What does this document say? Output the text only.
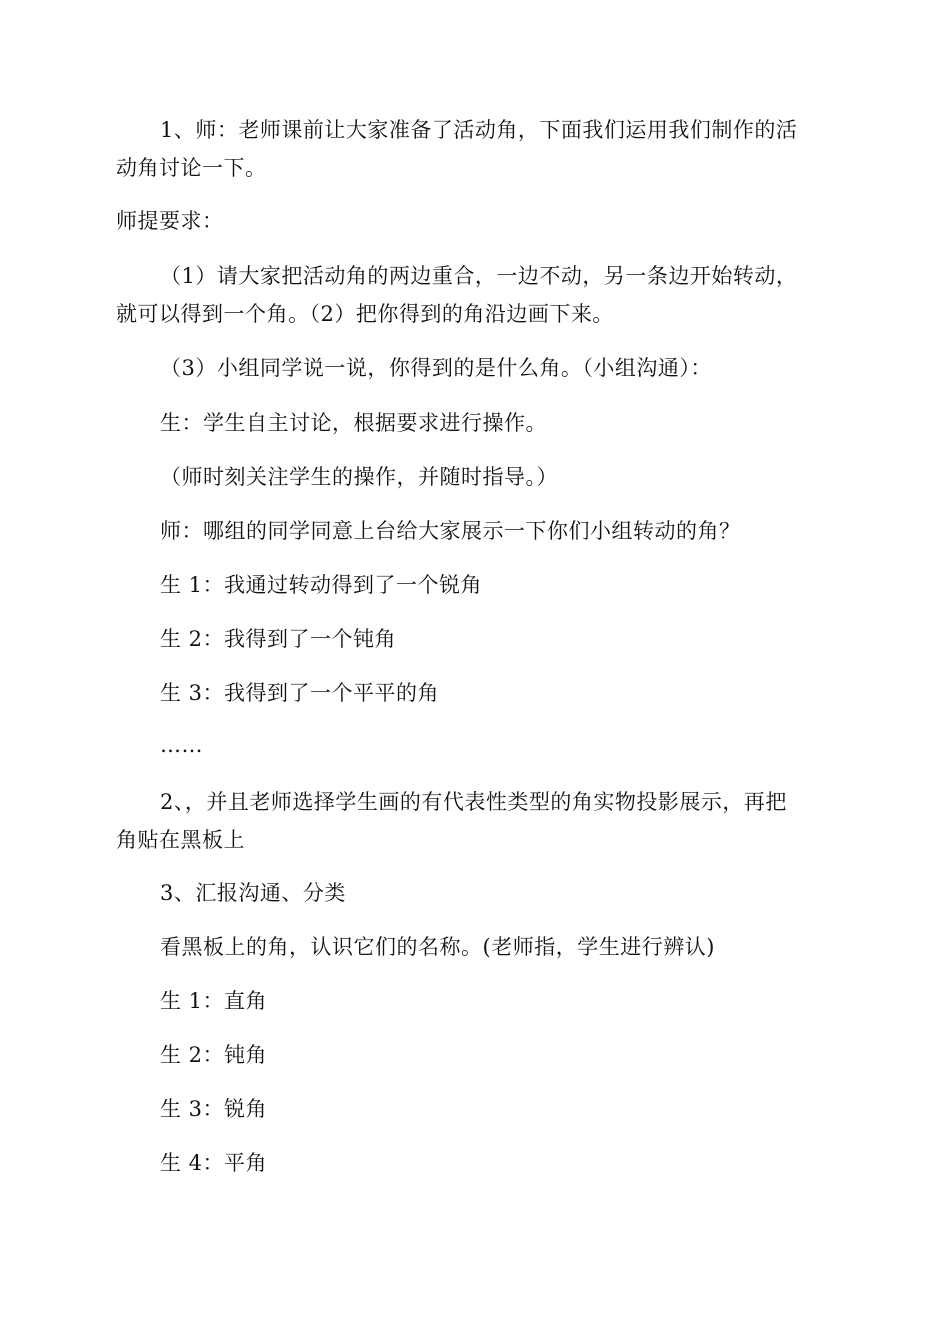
1、师：老师课前让大家准备了活动角，下面我们运用我们制作的活
动角讨论一下。
师提要求：
（1）请大家把活动角的两边重合，一边不动，另一条边开始转动，
就可以得到一个角。（2）把你得到的角沿边画下来。
（3）小组同学说一说，你得到的是什么角。（小组沟通）：
生：学生自主讨论，根据要求进行操作。
（师时刻关注学生的操作，并随时指导。）
师：哪组的同学同意上台给大家展示一下你们小组转动的角？
生 1：我通过转动得到了一个锐角
生 2：我得到了一个钝角
生 3：我得到了一个平平的角
……
2、，并且老师选择学生画的有代表性类型的角实物投影展示，再把
角贴在黑板上
3、汇报沟通、分类
看黑板上的角，认识它们的名称。(老师指，学生进行辨认)
生 1：直角
生 2：钝角
生 3：锐角
生 4：平角
